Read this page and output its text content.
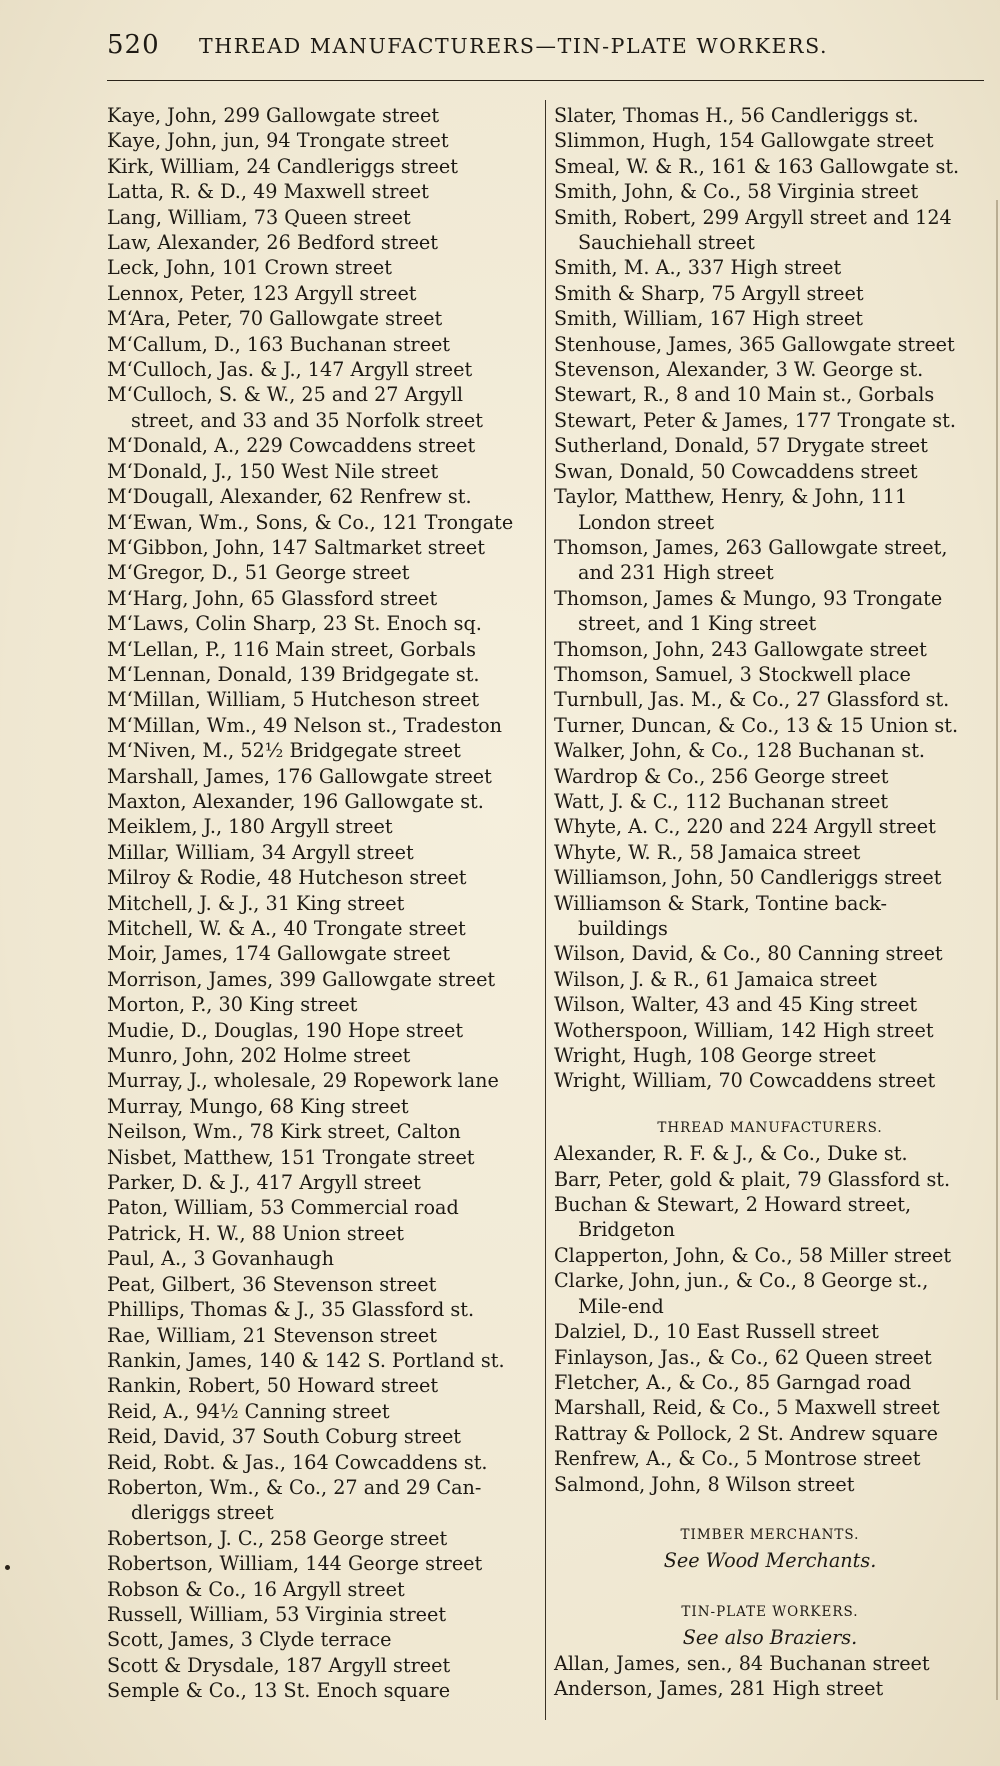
520 THREAD MANUFACTURERS—TIN-PLATE WORKERS.
Kaye, John, 299 Gallowgate street
Kaye, John, jun, 94 Trongate street
Kirk, William, 24 Candleriggs street
Latta, R. & D., 49 Maxwell street
Lang, William, 73 Queen street
Law, Alexander, 26 Bedford street
Leck, John, 101 Crown street
Lennox, Peter, 123 Argyll street
M‘Ara, Peter, 70 Gallowgate street
M‘Callum, D., 163 Buchanan street
M‘Culloch, Jas. & J., 147 Argyll street
M‘Culloch, S. & W., 25 and 27 Argyll
street, and 33 and 35 Norfolk street
M‘Donald, A., 229 Cowcaddens street
M‘Donald, J., 150 West Nile street
M‘Dougall, Alexander, 62 Renfrew st.
M‘Ewan, Wm., Sons, & Co., 121 Trongate
M‘Gibbon, John, 147 Saltmarket street
M‘Gregor, D., 51 George street
M‘Harg, John, 65 Glassford street
M‘Laws, Colin Sharp, 23 St. Enoch sq.
M‘Lellan, P., 116 Main street, Gorbals
M‘Lennan, Donald, 139 Bridgegate st.
M‘Millan, William, 5 Hutcheson street
M‘Millan, Wm., 49 Nelson st., Tradeston
M‘Niven, M., 52½ Bridgegate street
Marshall, James, 176 Gallowgate street
Maxton, Alexander, 196 Gallowgate st.
Meiklem, J., 180 Argyll street
Millar, William, 34 Argyll street
Milroy & Rodie, 48 Hutcheson street
Mitchell, J. & J., 31 King street
Mitchell, W. & A., 40 Trongate street
Moir, James, 174 Gallowgate street
Morrison, James, 399 Gallowgate street
Morton, P., 30 King street
Mudie, D., Douglas, 190 Hope street
Munro, John, 202 Holme street
Murray, J., wholesale, 29 Ropework lane
Murray, Mungo, 68 King street
Neilson, Wm., 78 Kirk street, Calton
Nisbet, Matthew, 151 Trongate street
Parker, D. & J., 417 Argyll street
Paton, William, 53 Commercial road
Patrick, H. W., 88 Union street
Paul, A., 3 Govanhaugh
Peat, Gilbert, 36 Stevenson street
Phillips, Thomas & J., 35 Glassford st.
Rae, William, 21 Stevenson street
Rankin, James, 140 & 142 S. Portland st.
Rankin, Robert, 50 Howard street
Reid, A., 94½ Canning street
Reid, David, 37 South Coburg street
Reid, Robt. & Jas., 164 Cowcaddens st.
Roberton, Wm., & Co., 27 and 29 Can-
dleriggs street
Robertson, J. C., 258 George street
Robertson, William, 144 George street
Robson & Co., 16 Argyll street
Russell, William, 53 Virginia street
Scott, James, 3 Clyde terrace
Scott & Drysdale, 187 Argyll street
Semple & Co., 13 St. Enoch square
Slater, Thomas H., 56 Candleriggs st.
Slimmon, Hugh, 154 Gallowgate street
Smeal, W. & R., 161 & 163 Gallowgate st.
Smith, John, & Co., 58 Virginia street
Smith, Robert, 299 Argyll street and 124
Sauchiehall street
Smith, M. A., 337 High street
Smith & Sharp, 75 Argyll street
Smith, William, 167 High street
Stenhouse, James, 365 Gallowgate street
Stevenson, Alexander, 3 W. George st.
Stewart, R., 8 and 10 Main st., Gorbals
Stewart, Peter & James, 177 Trongate st.
Sutherland, Donald, 57 Drygate street
Swan, Donald, 50 Cowcaddens street
Taylor, Matthew, Henry, & John, 111
London street
Thomson, James, 263 Gallowgate street,
and 231 High street
Thomson, James & Mungo, 93 Trongate
street, and 1 King street
Thomson, John, 243 Gallowgate street
Thomson, Samuel, 3 Stockwell place
Turnbull, Jas. M., & Co., 27 Glassford st.
Turner, Duncan, & Co., 13 & 15 Union st.
Walker, John, & Co., 128 Buchanan st.
Wardrop & Co., 256 George street
Watt, J. & C., 112 Buchanan street
Whyte, A. C., 220 and 224 Argyll street
Whyte, W. R., 58 Jamaica street
Williamson, John, 50 Candleriggs street
Williamson & Stark, Tontine back-
buildings
Wilson, David, & Co., 80 Canning street
Wilson, J. & R., 61 Jamaica street
Wilson, Walter, 43 and 45 King street
Wotherspoon, William, 142 High street
Wright, Hugh, 108 George street
Wright, William, 70 Cowcaddens street
THREAD MANUFACTURERS.
Alexander, R. F. & J., & Co., Duke st.
Barr, Peter, gold & plait, 79 Glassford st.
Buchan & Stewart, 2 Howard street,
Bridgeton
Clapperton, John, & Co., 58 Miller street
Clarke, John, jun., & Co., 8 George st.,
Mile-end
Dalziel, D., 10 East Russell street
Finlayson, Jas., & Co., 62 Queen street
Fletcher, A., & Co., 85 Garngad road
Marshall, Reid, & Co., 5 Maxwell street
Rattray & Pollock, 2 St. Andrew square
Renfrew, A., & Co., 5 Montrose street
Salmond, John, 8 Wilson street
TIMBER MERCHANTS.
See Wood Merchants.
TIN-PLATE WORKERS.
See also Braziers.
Allan, James, sen., 84 Buchanan street
Anderson, James, 281 High street
